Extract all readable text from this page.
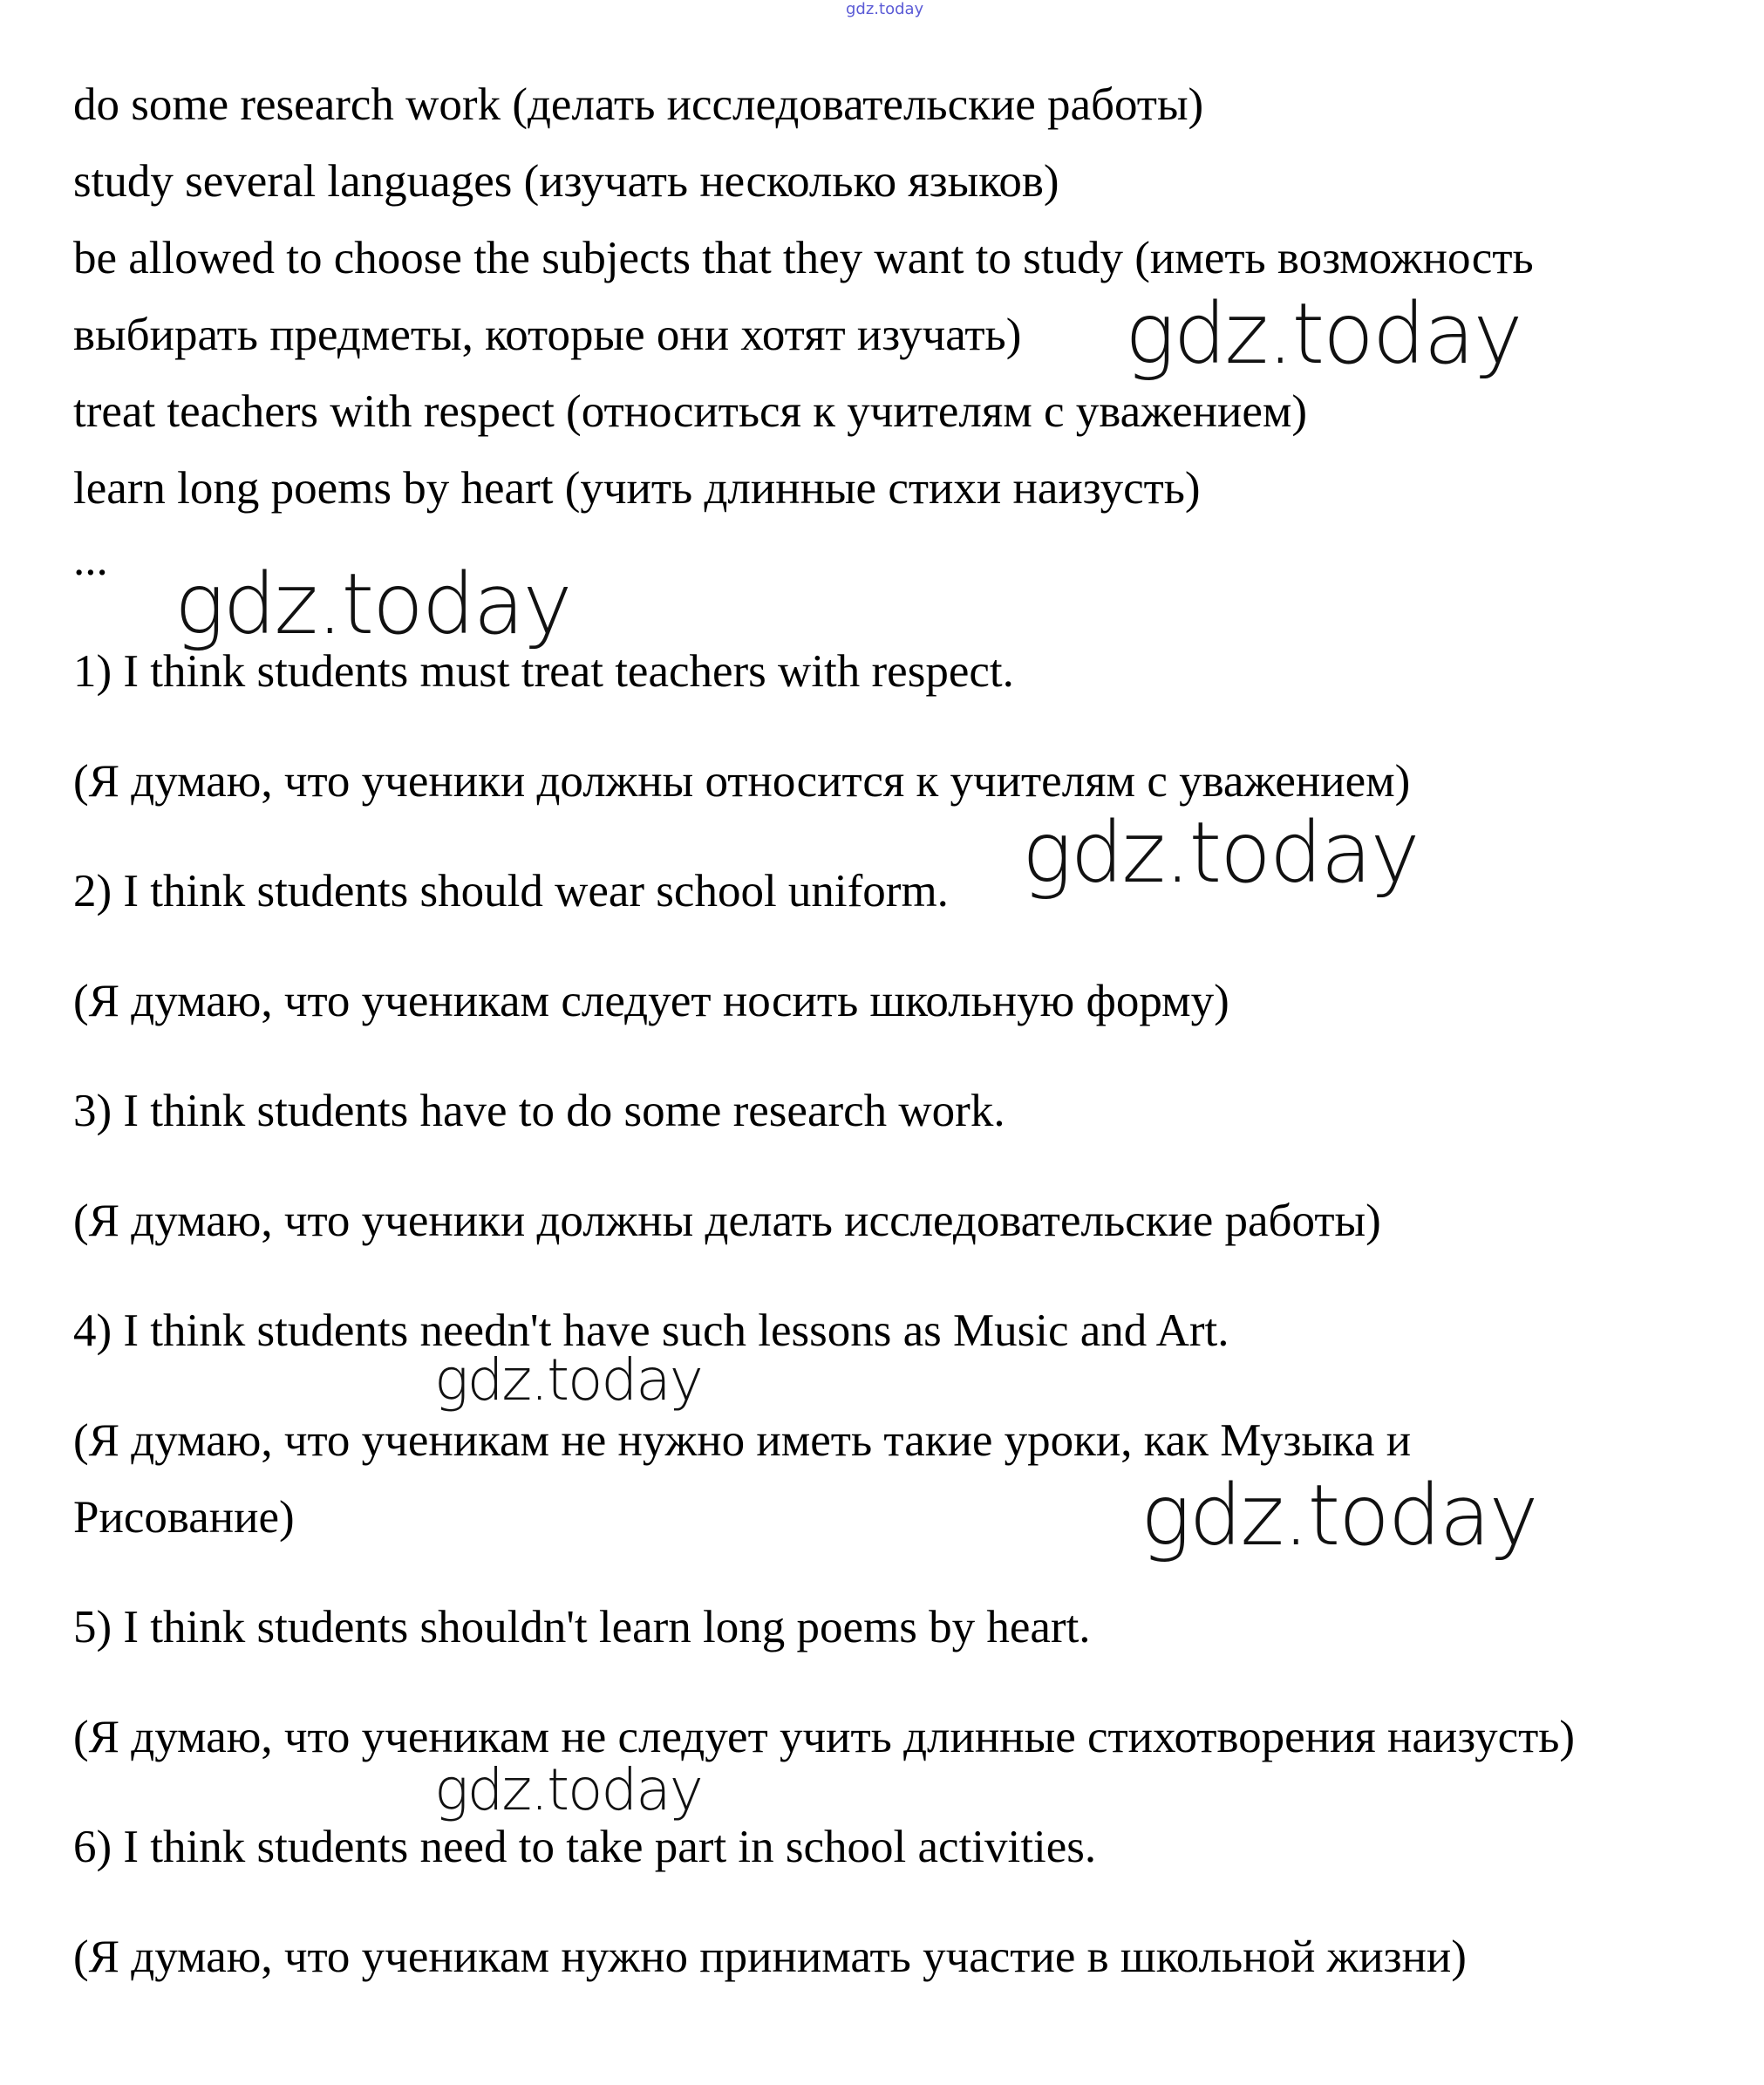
gdz.today

do some research work (делать исследовательские работы)

study several languages (изучать несколько языков)

be allowed to choose the subjects that they want to study (иметь возможность

выбирать предметы, которые они хотят изучать)

treat teachers with respect (относиться к учителям с уважением)

learn long poems by heart (учить длинные стихи наизусть)

...

1) I think students must treat teachers with respect.

(Я думаю, что ученики должны относится к учителям с уважением)

2) I think students should wear school uniform.

(Я думаю, что ученикам следует носить школьную форму)

3) I think students have to do some research work.

(Я думаю, что ученики должны делать исследовательские работы)

4) I think students needn't have such lessons as Music and Art.

(Я думаю, что ученикам не нужно иметь такие уроки, как Музыка и

Рисование)

5) I think students shouldn't learn long poems by heart.

(Я думаю, что ученикам не следует учить длинные стихотворения наизусть)

6) I think students need to take part in school activities.

(Я думаю, что ученикам нужно принимать участие в школьной жизни)

gdz.today
gdz.today
gdz.today
gdz.today
gdz.today
gdz.today
